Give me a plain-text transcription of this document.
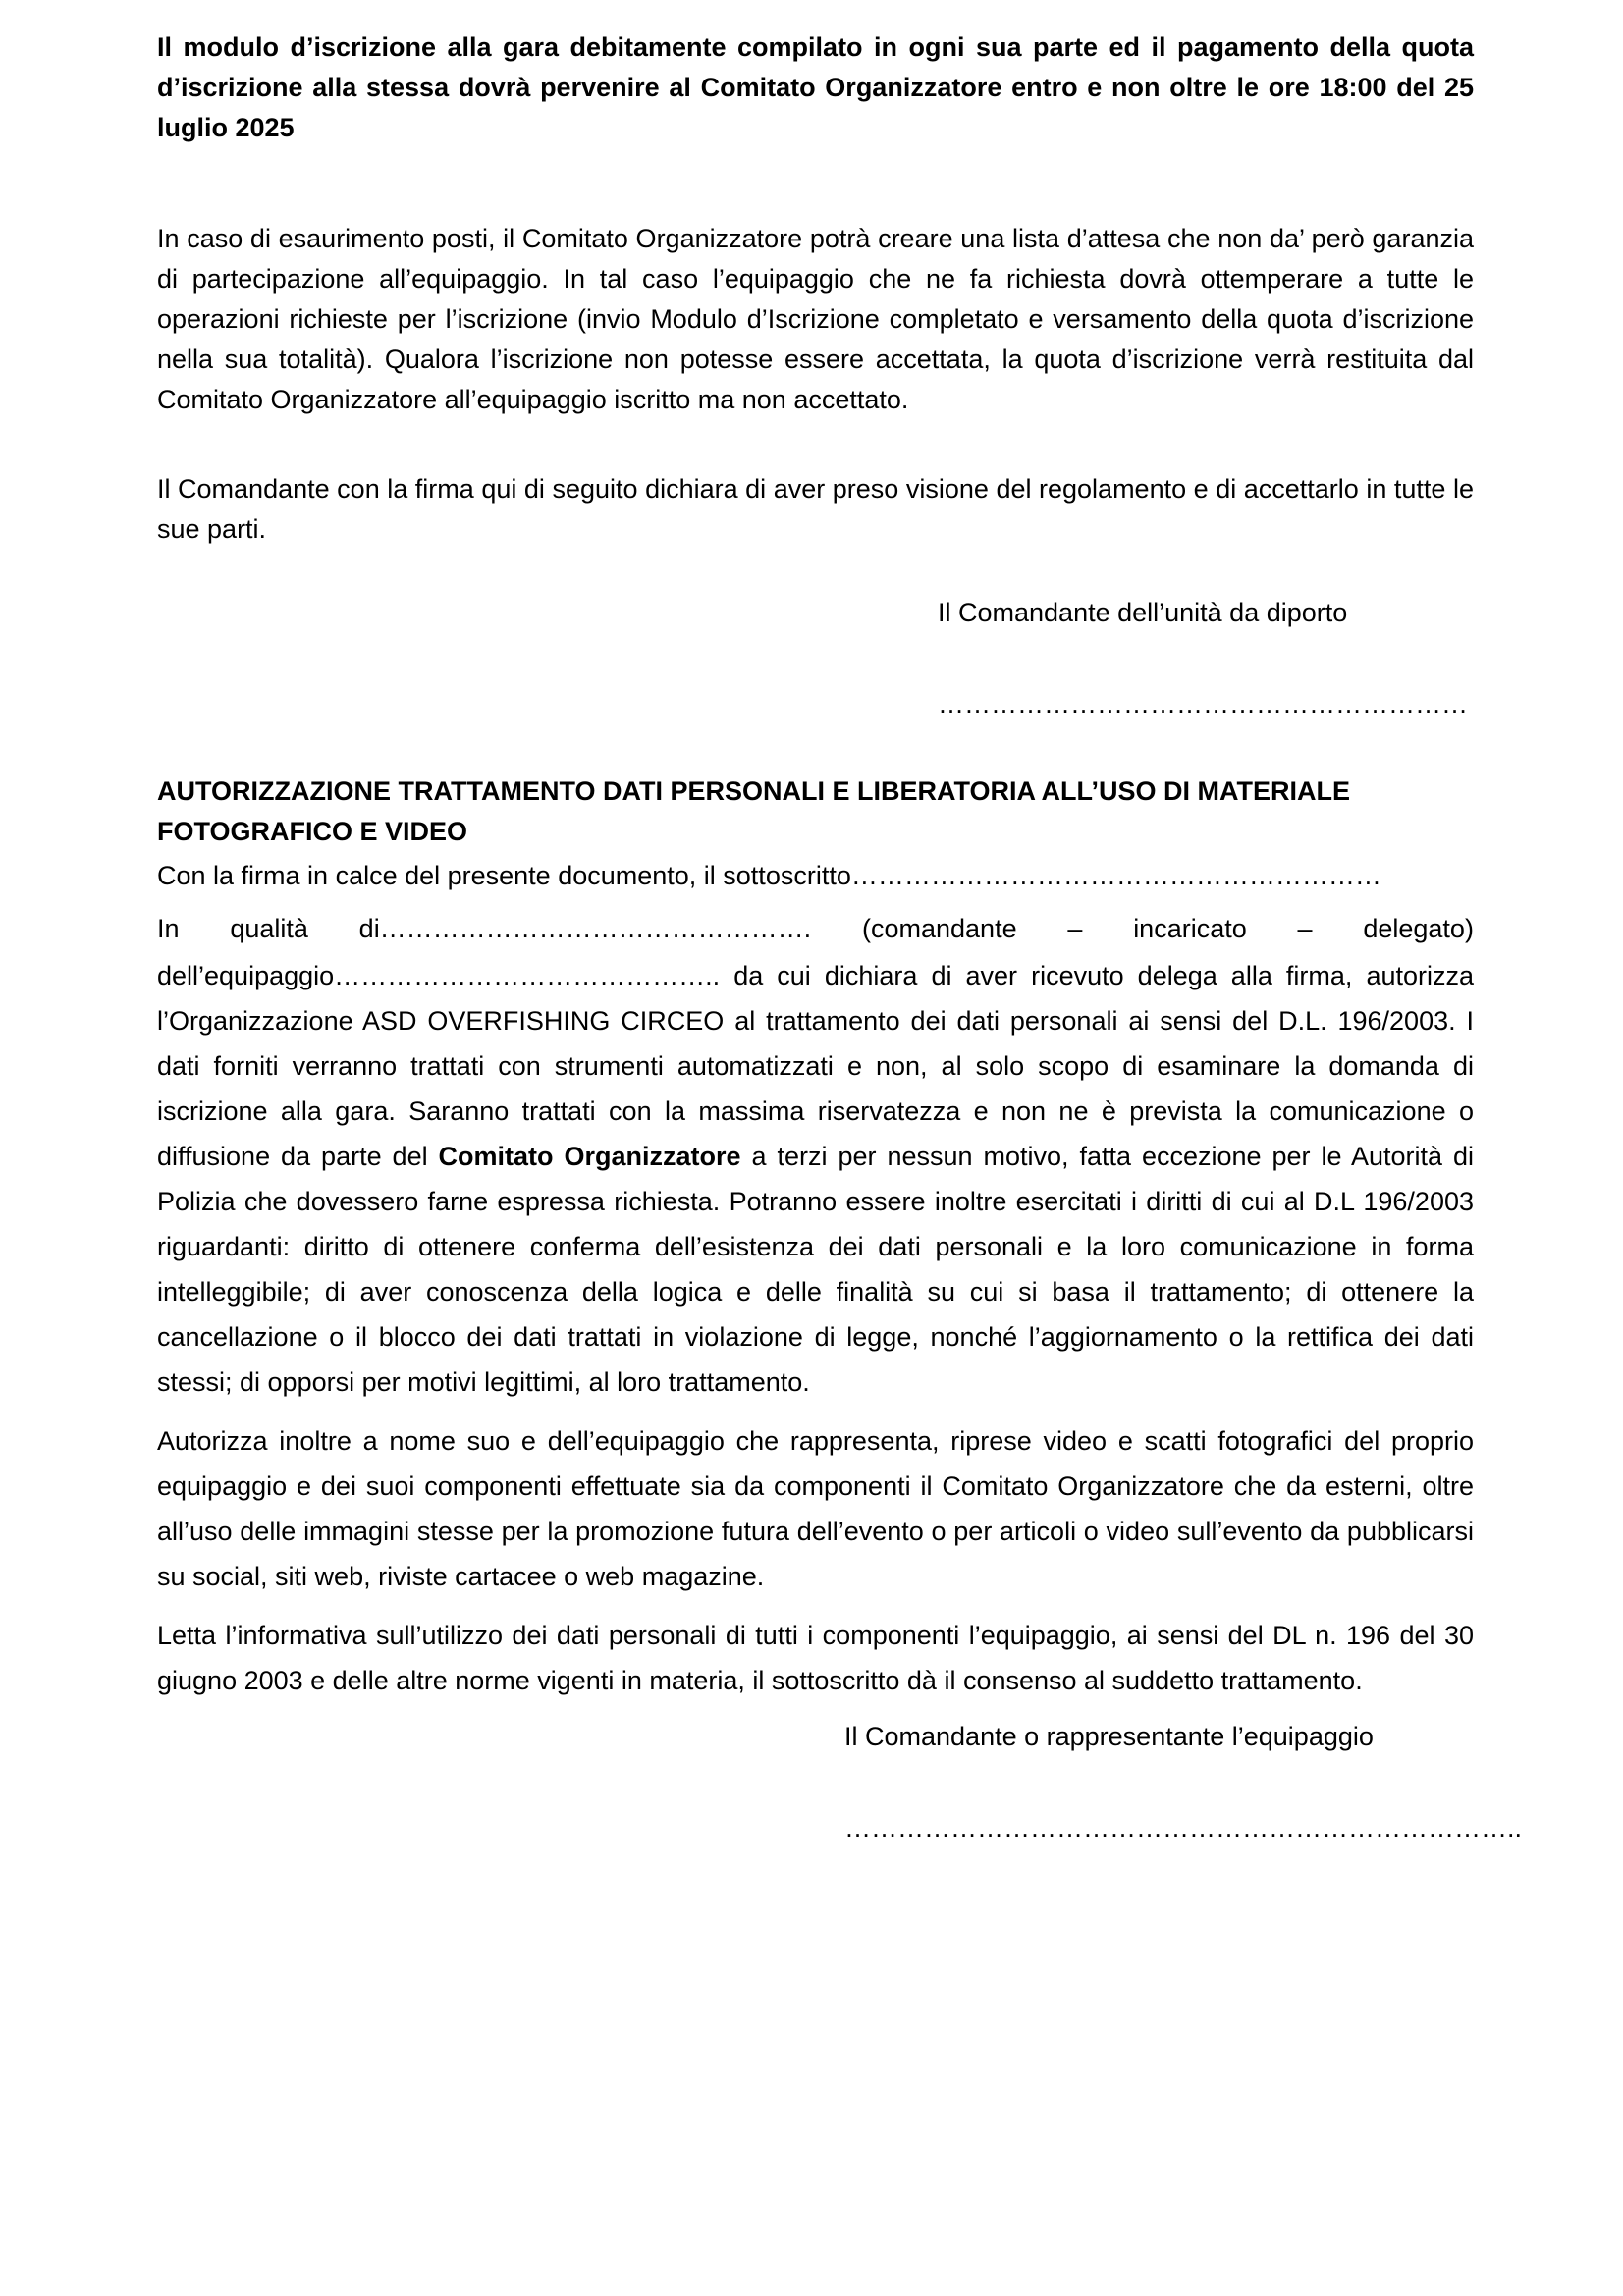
Il modulo d’iscrizione alla gara debitamente compilato in ogni sua parte ed il pagamento della quota d’iscrizione alla stessa dovrà pervenire al Comitato Organizzatore entro e non oltre le ore 18:00 del 25 luglio 2025

In caso di esaurimento posti, il Comitato Organizzatore potrà creare una lista d’attesa che non da’ però garanzia di partecipazione all’equipaggio. In tal caso l’equipaggio che ne fa richiesta dovrà ottemperare a tutte le operazioni richieste per l’iscrizione (invio Modulo d’Iscrizione completato e versamento della quota d’iscrizione nella sua totalità). Qualora l’iscrizione non potesse essere accettata, la quota d’iscrizione verrà restituita dal Comitato Organizzatore all’equipaggio iscritto ma non accettato.

Il Comandante con la firma qui di seguito dichiara di aver preso visione del regolamento e di accettarlo in tutte le sue parti.

Il Comandante dell’unità da diporto

……………………………………………………

AUTORIZZAZIONE TRATTAMENTO DATI PERSONALI E LIBERATORIA ALL’USO DI MATERIALE FOTOGRAFICO E VIDEO

Con la firma in calce del presente documento, il sottoscritto……………………………………………………

In qualità di…………………………………………. (comandante – incaricato – delegato)

dell’equipaggio…………………………………….. da cui dichiara di aver ricevuto delega alla firma, autorizza l’Organizzazione ASD OVERFISHING CIRCEO al trattamento dei dati personali ai sensi del D.L. 196/2003. I dati forniti verranno trattati con strumenti automatizzati e non, al solo scopo di esaminare la domanda di iscrizione alla gara. Saranno trattati con la massima riservatezza e non ne è prevista la comunicazione o diffusione da parte del Comitato Organizzatore a terzi per nessun motivo, fatta eccezione per le Autorità di Polizia che dovessero farne espressa richiesta. Potranno essere inoltre esercitati i diritti di cui al D.L 196/2003 riguardanti: diritto di ottenere conferma dell’esistenza dei dati personali e la loro comunicazione in forma intelleggibile; di aver conoscenza della logica e delle finalità su cui si basa il trattamento; di ottenere la cancellazione o il blocco dei dati trattati in violazione di legge, nonché l’aggiornamento o la rettifica dei dati stessi; di opporsi per motivi legittimi, al loro trattamento.

Autorizza inoltre a nome suo e dell’equipaggio che rappresenta, riprese video e scatti fotografici del proprio equipaggio e dei suoi componenti effettuate sia da componenti il Comitato Organizzatore che da esterni, oltre all’uso delle immagini stesse per la promozione futura dell’evento o per articoli o video sull’evento da pubblicarsi su social, siti web, riviste cartacee o web magazine.

Letta l’informativa sull’utilizzo dei dati personali di tutti i componenti l’equipaggio, ai sensi del DL n. 196 del 30 giugno 2003 e delle altre norme vigenti in materia, il sottoscritto dà il consenso al suddetto trattamento.

Il Comandante o rappresentante l’equipaggio

…………………………………………………………………..
